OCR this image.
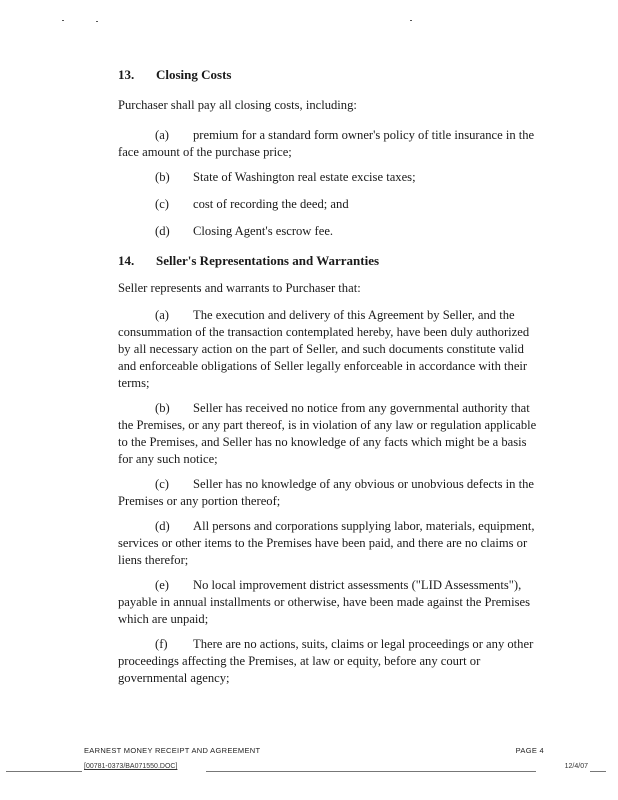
13. Closing Costs
Purchaser shall pay all closing costs, including:
(a) premium for a standard form owner's policy of title insurance in the face amount of the purchase price;
(b) State of Washington real estate excise taxes;
(c) cost of recording the deed; and
(d) Closing Agent's escrow fee.
14. Seller's Representations and Warranties
Seller represents and warrants to Purchaser that:
(a) The execution and delivery of this Agreement by Seller, and the consummation of the transaction contemplated hereby, have been duly authorized by all necessary action on the part of Seller, and such documents constitute valid and enforceable obligations of Seller legally enforceable in accordance with their terms;
(b) Seller has received no notice from any governmental authority that the Premises, or any part thereof, is in violation of any law or regulation applicable to the Premises, and Seller has no knowledge of any facts which might be a basis for any such notice;
(c) Seller has no knowledge of any obvious or unobvious defects in the Premises or any portion thereof;
(d) All persons and corporations supplying labor, materials, equipment, services or other items to the Premises have been paid, and there are no claims or liens therefor;
(e) No local improvement district assessments ("LID Assessments"), payable in annual installments or otherwise, have been made against the Premises which are unpaid;
(f) There are no actions, suits, claims or legal proceedings or any other proceedings affecting the Premises, at law or equity, before any court or governmental agency;
EARNEST MONEY RECEIPT AND AGREEMENT	PAGE 4
[00781-0373/BA071550.DOC]	12/4/07
